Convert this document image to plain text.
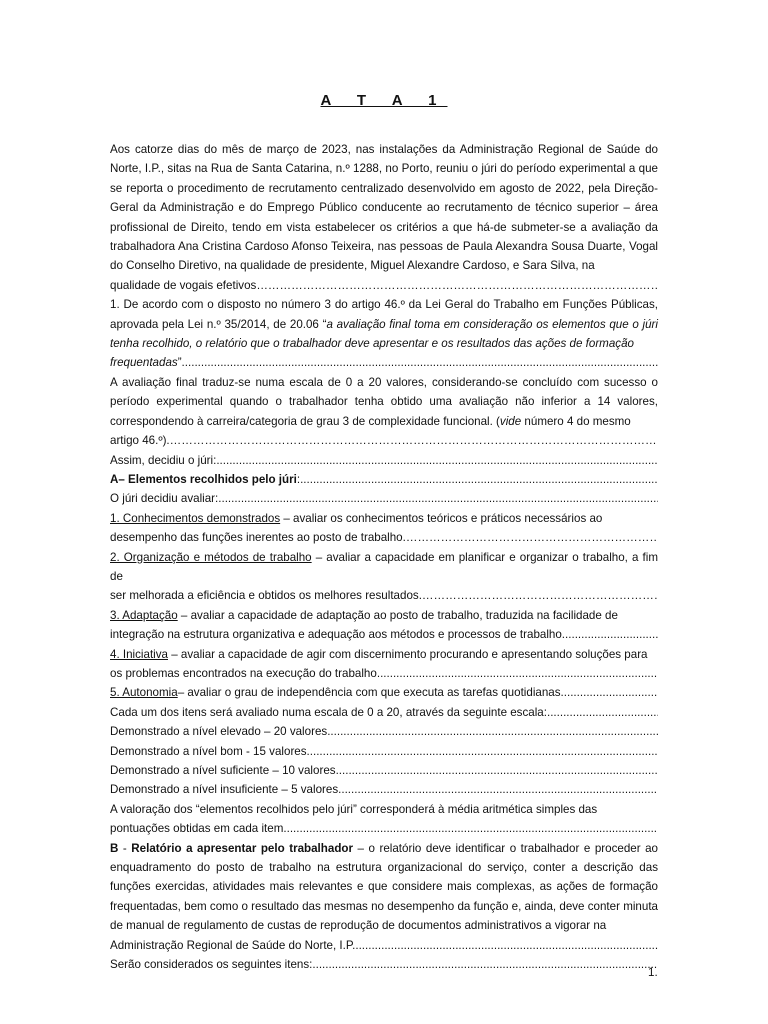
A T A 1

Aos catorze dias do mês de março de 2023, nas instalações da Administração Regional de Saúde do Norte, I.P., sitas na Rua de Santa Catarina, n.º 1288, no Porto, reuniu o júri do período experimental a que se reporta o procedimento de recrutamento centralizado desenvolvido em agosto de 2022, pela Direção-Geral da Administração e do Emprego Público conducente ao recrutamento de técnico superior – área profissional de Direito, tendo em vista estabelecer os critérios a que há-de submeter-se a avaliação da trabalhadora Ana Cristina Cardoso Afonso Teixeira, nas pessoas de Paula Alexandra Sousa Duarte, Vogal do Conselho Diretivo, na qualidade de presidente, Miguel Alexandre Cardoso, e Sara Silva, na

qualidade de vogais efetivos
…………………………………………………………………………………………………………………………………………………………………………………

1. De acordo com o disposto no número 3 do artigo 46.º da Lei Geral do Trabalho em Funções Públicas, aprovada pela Lei n.º 35/2014, de 20.06 “a avaliação final toma em consideração os elementos que o júri tenha recolhido, o relatório que o trabalhador deve apresentar e os resultados das ações de formação

frequentadas ”.
.....

A avaliação final traduz-se numa escala de 0 a 20 valores, considerando-se concluído com sucesso o período experimental quando o trabalhador tenha obtido uma avaliação não inferior a 14 valores, correspondendo à carreira/categoria de grau 3 de complexidade funcional. (vide número 4 do mesmo

artigo 46.º).
…………………………………………………………………………………………………………………………………………………………………………………
Assim, decidiu o júri:
.....
A – Elementos recolhidos pelo júri :
.....
O júri decidiu avaliar:
.....

1. Conhecimentos demonstrados – avaliar os conhecimentos teóricos e práticos necessários ao

desempenho das funções inerentes ao posto de trabalho.
…………………………………………………………………………………………………………………………………………………………………………………

2. Organização e métodos de trabalho – avaliar a capacidade em planificar e organizar o trabalho, a fim de

ser melhorada a eficiência e obtidos os melhores resultados.
…………………………………………………………………………………………………………………………………………………………………………………

3. Adaptação – avaliar a capacidade de adaptação ao posto de trabalho, traduzida na facilidade de

integração na estrutura organizativa e adequação aos métodos e processos de trabalho.
.....

4. Iniciativa – avaliar a capacidade de agir com discernimento procurando e apresentando soluções para

os problemas encontrados na execução do trabalho.
.....
5. Autonomia – avaliar o grau de independência com que executa as tarefas quotidianas.
.....
Cada um dos itens será avaliado numa escala de 0 a 20, através da seguinte escala:
.....
Demonstrado a nível elevado – 20 valores
.....
Demonstrado a nível bom - 15 valores
.....
Demonstrado a nível suficiente – 10 valores
.....
Demonstrado a nível insuficiente – 5 valores
.....

A valoração dos “elementos recolhidos pelo júri” corresponderá à média aritmética simples das

pontuações obtidas em cada item.
.....

B - Relatório a apresentar pelo trabalhador – o relatório deve identificar o trabalhador e proceder ao enquadramento do posto de trabalho na estrutura organizacional do serviço, conter a descrição das funções exercidas, atividades mais relevantes e que considere mais complexas, as ações de formação frequentadas, bem como o resultado das mesmas no desempenho da função e, ainda, deve conter minuta de manual de regulamento de custas de reprodução de documentos administrativos a vigorar na

Administração Regional de Saúde do Norte, I.P.
.....
Serão considerados os seguintes itens:
.....
1.
